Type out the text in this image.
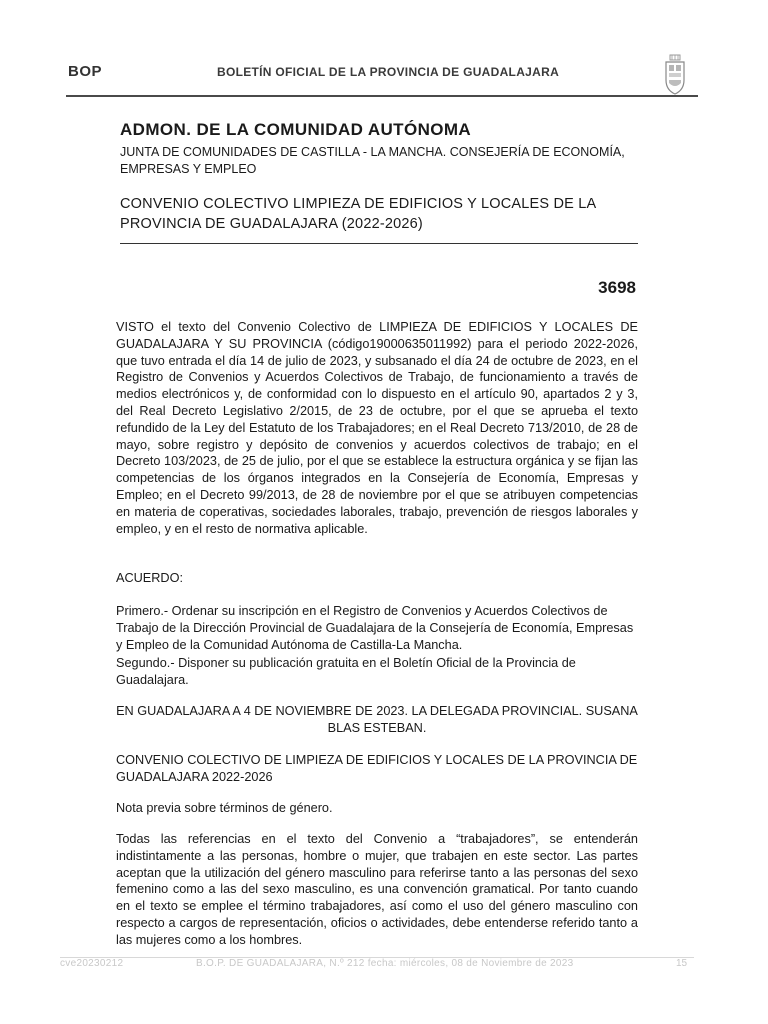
BOP	BOLETÍN OFICIAL DE LA PROVINCIA DE GUADALAJARA
ADMON. DE LA COMUNIDAD AUTÓNOMA
JUNTA DE COMUNIDADES DE CASTILLA - LA MANCHA. CONSEJERÍA DE ECONOMÍA, EMPRESAS Y EMPLEO
CONVENIO COLECTIVO LIMPIEZA DE EDIFICIOS Y LOCALES DE LA PROVINCIA DE GUADALAJARA (2022-2026)
3698
VISTO el texto del Convenio Colectivo de LIMPIEZA DE EDIFICIOS Y LOCALES DE GUADALAJARA Y SU PROVINCIA (código19000635011992) para el periodo 2022-2026, que tuvo entrada el día 14 de julio de 2023, y subsanado el día 24 de octubre de 2023, en el Registro de Convenios y Acuerdos Colectivos de Trabajo, de funcionamiento a través de medios electrónicos y, de conformidad con lo dispuesto en el artículo 90, apartados 2 y 3, del Real Decreto Legislativo 2/2015, de 23 de octubre, por el que se aprueba el texto refundido de la Ley del Estatuto de los Trabajadores; en el Real Decreto 713/2010, de 28 de mayo, sobre registro y depósito de convenios y acuerdos colectivos de trabajo; en el Decreto 103/2023, de 25 de julio, por el que se establece la estructura orgánica y se fijan las competencias de los órganos integrados en la Consejería de Economía, Empresas y Empleo; en el Decreto 99/2013, de 28 de noviembre por el que se atribuyen competencias en materia de coperativas, sociedades laborales, trabajo, prevención de riesgos laborales y empleo, y en el resto de normativa aplicable.
ACUERDO:
Primero.- Ordenar su inscripción en el Registro de Convenios y Acuerdos Colectivos de Trabajo de la Dirección Provincial de Guadalajara de la Consejería de Economía, Empresas y Empleo de la Comunidad Autónoma de Castilla-La Mancha.
Segundo.- Disponer su publicación gratuita en el Boletín Oficial de la Provincia de Guadalajara.
EN GUADALAJARA A 4 DE NOVIEMBRE DE 2023. LA DELEGADA PROVINCIAL. SUSANA
BLAS ESTEBAN.
CONVENIO COLECTIVO DE LIMPIEZA DE EDIFICIOS Y LOCALES DE LA PROVINCIA DE GUADALAJARA 2022-2026
Nota previa sobre términos de género.
Todas las referencias en el texto del Convenio a “trabajadores”, se entenderán indistintamente a las personas, hombre o mujer, que trabajen en este sector. Las partes aceptan que la utilización del género masculino para referirse tanto a las personas del sexo femenino como a las del sexo masculino, es una convención gramatical. Por tanto cuando en el texto se emplee el término trabajadores, así como el uso del género masculino con respecto a cargos de representación, oficios o actividades, debe entenderse referido tanto a las mujeres como a los hombres.
cve20230212	B.O.P. DE GUADALAJARA, N.º 212 fecha: miércoles, 08 de Noviembre de 2023	15
